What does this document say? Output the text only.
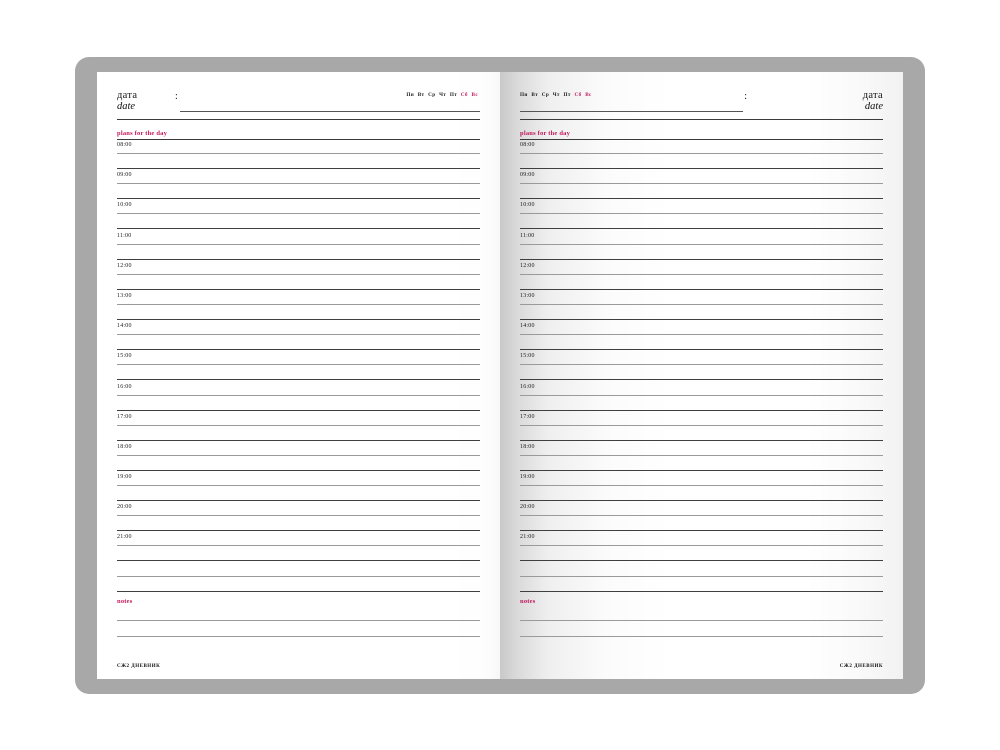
дата
date
:	Пн Вт Ср Чт Пт Сб Вс
plans for the day
08:00
09:00
10:00
11:00
12:00
13:00
14:00
15:00
16:00
17:00
18:00
19:00
20:00
21:00
notes
СЖ2 ДНЕВНИК
дата
date
:
Пн Вт Ср Чт Пт Сб Вс
plans for the day
08:00
09:00
10:00
11:00
12:00
13:00
14:00
15:00
16:00
17:00
18:00
19:00
20:00
21:00
notes
СЖ2 ДНЕВНИК
